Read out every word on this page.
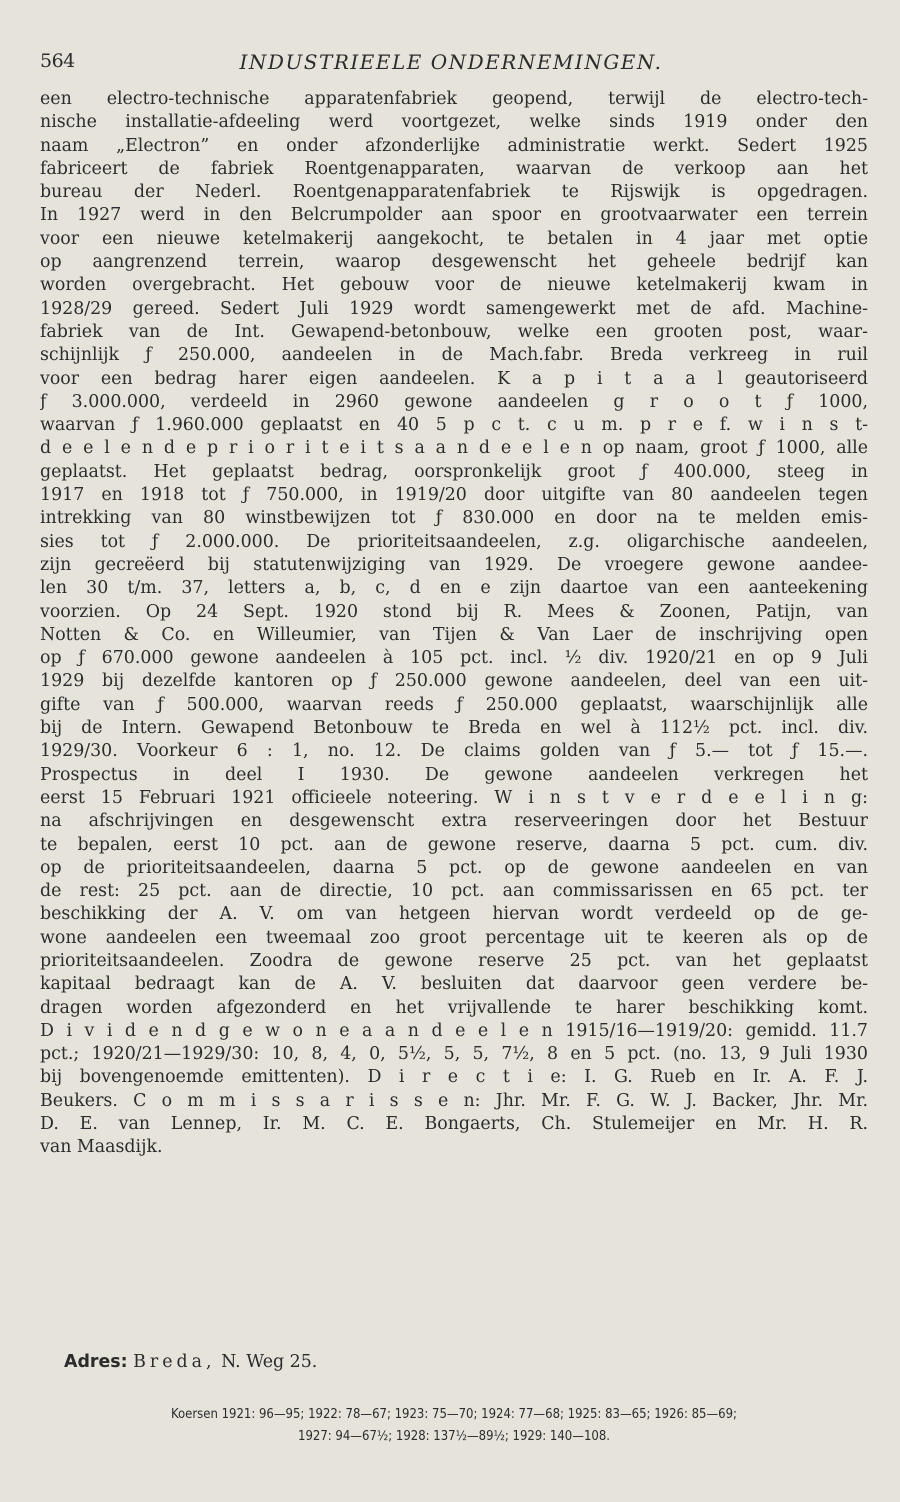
564	INDUSTRIEELE ONDERNEMINGEN.
een electro-technische apparatenfabriek geopend, terwijl de electro-tech-
nische installatie-afdeeling werd voortgezet, welke sinds 1919 onder den
naam „Electron” en onder afzonderlijke administratie werkt. Sedert 1925
fabriceert de fabriek Roentgenapparaten, waarvan de verkoop aan het
bureau der Nederl. Roentgenapparatenfabriek te Rijswijk is opgedragen.
In 1927 werd in den Belcrumpolder aan spoor en grootvaarwater een terrein
voor een nieuwe ketelmakerij aangekocht, te betalen in 4 jaar met optie
op aangrenzend terrein, waarop desgewenscht het geheele bedrijf kan
worden overgebracht. Het gebouw voor de nieuwe ketelmakerij kwam in
1928/29 gereed. Sedert Juli 1929 wordt samengewerkt met de afd. Machine-
fabriek van de Int. Gewapend-betonbouw, welke een grooten post, waar-
schijnlijk ƒ 250.000, aandeelen in de Mach.fabr. Breda verkreeg in ruil
voor een bedrag harer eigen aandeelen. K a p i t a a l geautoriseerd
ƒ 3.000.000, verdeeld in 2960 gewone aandeelen g r o o t ƒ 1000,
waarvan ƒ 1.960.000 geplaatst en 40 5 p c t. c u m. p r e f. w i n s t-
d e e l e n d e p r i o r i t e i t s a a n d e e l e n op naam, groot ƒ 1000, alle
geplaatst. Het geplaatst bedrag, oorspronkelijk groot ƒ 400.000, steeg in
1917 en 1918 tot ƒ 750.000, in 1919/20 door uitgifte van 80 aandeelen tegen
intrekking van 80 winstbewijzen tot ƒ 830.000 en door na te melden emis-
sies tot ƒ 2.000.000. De prioriteitsaandeelen, z.g. oligarchische aandeelen,
zijn gecreëerd bij statutenwijziging van 1929. De vroegere gewone aandee-
len 30 t/m. 37, letters a, b, c, d en e zijn daartoe van een aanteekening
voorzien. Op 24 Sept. 1920 stond bij R. Mees & Zoonen, Patijn, van
Notten & Co. en Willeumier, van Tijen & Van Laer de inschrijving open
op ƒ 670.000 gewone aandeelen à 105 pct. incl. ½ div. 1920/21 en op 9 Juli
1929 bij dezelfde kantoren op ƒ 250.000 gewone aandeelen, deel van een uit-
gifte van ƒ 500.000, waarvan reeds ƒ 250.000 geplaatst, waarschijnlijk alle
bij de Intern. Gewapend Betonbouw te Breda en wel à 112½ pct. incl. div.
1929/30. Voorkeur 6 : 1, no. 12. De claims golden van ƒ 5.— tot ƒ 15.—.
Prospectus in deel I 1930. De gewone aandeelen verkregen het
eerst 15 Februari 1921 officieele noteering. W i n s t v e r d e e l i n g:
na afschrijvingen en desgewenscht extra reserveeringen door het Bestuur
te bepalen, eerst 10 pct. aan de gewone reserve, daarna 5 pct. cum. div.
op de prioriteitsaandeelen, daarna 5 pct. op de gewone aandeelen en van
de rest: 25 pct. aan de directie, 10 pct. aan commissarissen en 65 pct. ter
beschikking der A. V. om van hetgeen hiervan wordt verdeeld op de ge-
wone aandeelen een tweemaal zoo groot percentage uit te keeren als op de
prioriteitsaandeelen. Zoodra de gewone reserve 25 pct. van het geplaatst
kapitaal bedraagt kan de A. V. besluiten dat daarvoor geen verdere be-
dragen worden afgezonderd en het vrijvallende te harer beschikking komt.
D i v i d e n d g e w o n e a a n d e e l e n 1915/16—1919/20: gemidd. 11.7
pct.; 1920/21—1929/30: 10, 8, 4, 0, 5½, 5, 5, 7½, 8 en 5 pct. (no. 13, 9 Juli 1930
bij bovengenoemde emittenten). D i r e c t i e: I. G. Rueb en Ir. A. F. J.
Beukers. C o m m i s s a r i s s e n: Jhr. Mr. F. G. W. J. Backer, Jhr. Mr.
D. E. van Lennep, Ir. M. C. E. Bongaerts, Ch. Stulemeijer en Mr. H. R.
van Maasdijk.
Adres: Breda, N. Weg 25.
Koersen 1921: 96—95; 1922: 78—67; 1923: 75—70; 1924: 77—68; 1925: 83—65; 1926: 85—69;
1927: 94—67½; 1928: 137½—89½; 1929: 140—108.
